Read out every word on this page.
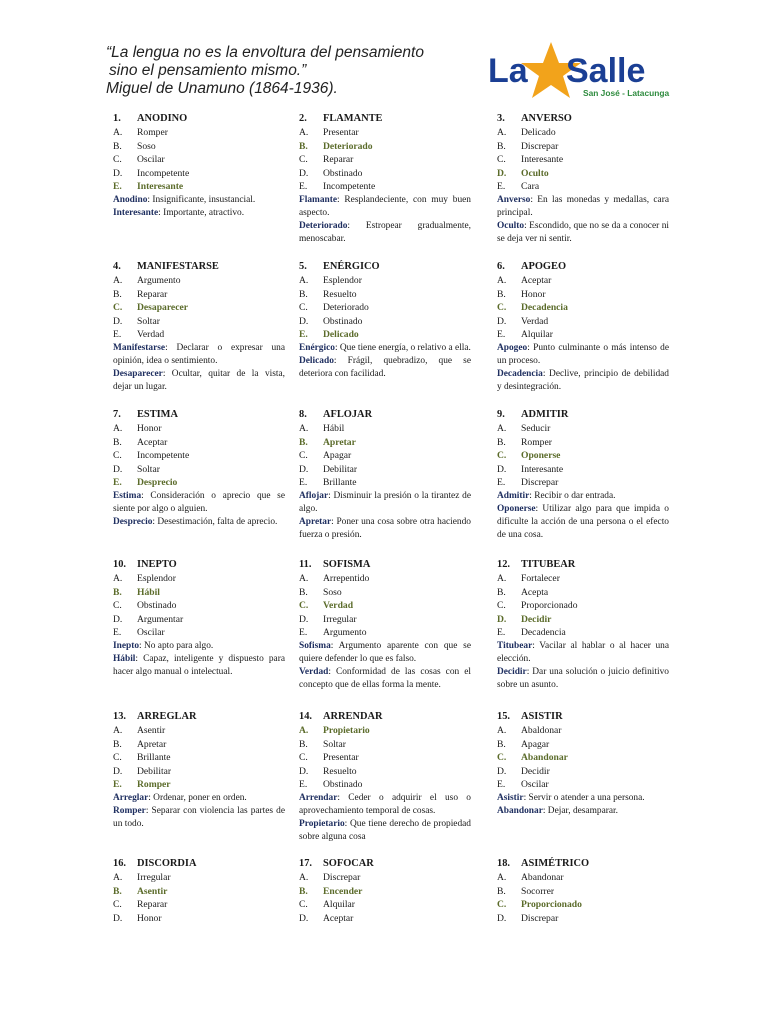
“La lengua no es la envoltura del pensamiento
sino el pensamiento mismo.”
Miguel de Unamuno (1864-1936).	La Salle
San José - Latacunga
1. ANODINO
A. Romper
B. Soso
C. Oscilar
D. Incompetente
E. Interesante

Anodino: Insignificante, insustancial.

Interesante: Importante, atractivo.

2. FLAMANTE
A. Presentar
B. Deteriorado
C. Reparar
D. Obstinado
E. Incompetente

Flamante: Resplandeciente, con muy buen aspecto.

Deteriorado: Estropear gradualmente, menoscabar.

3. ANVERSO
A. Delicado
B. Discrepar
C. Interesante
D. Oculto
E. Cara

Anverso: En las monedas y medallas, cara principal.

Oculto: Escondido, que no se da a conocer ni se deja ver ni sentir.

4. MANIFESTARSE
A. Argumento
B. Reparar
C. Desaparecer
D. Soltar
E. Verdad

Manifestarse: Declarar o expresar una opinión, idea o sentimiento.

Desaparecer: Ocultar, quitar de la vista, dejar un lugar.

5. ENÉRGICO
A. Esplendor
B. Resuelto
C. Deteriorado
D. Obstinado
E. Delicado

Enérgico: Que tiene energía, o relativo a ella.

Delicado: Frágil, quebradizo, que se deteriora con facilidad.

6. APOGEO
A. Aceptar
B. Honor
C. Decadencia
D. Verdad
E. Alquilar

Apogeo: Punto culminante o más intenso de un proceso.

Decadencia: Declive, principio de debilidad y desintegración.

7. ESTIMA
A. Honor
B. Aceptar
C. Incompetente
D. Soltar
E. Desprecio

Estima: Consideración o aprecio que se siente por algo o alguien.

Desprecio: Desestimación, falta de aprecio.

8. AFLOJAR
A. Hábil
B. Apretar
C. Apagar
D. Debilitar
E. Brillante

Aflojar: Disminuir la presión o la tirantez de algo.

Apretar: Poner una cosa sobre otra haciendo fuerza o presión.

9. ADMITIR
A. Seducir
B. Romper
C. Oponerse
D. Interesante
E. Discrepar

Admitir: Recibir o dar entrada.

Oponerse: Utilizar algo para que impida o dificulte la acción de una persona o el efecto de una cosa.

10. INEPTO
A. Esplendor
B. Hábil
C. Obstinado
D. Argumentar
E. Oscilar

Inepto: No apto para algo.

Hábil: Capaz, inteligente y dispuesto para hacer algo manual o intelectual.

11. SOFISMA
A. Arrepentido
B. Soso
C. Verdad
D. Irregular
E. Argumento

Sofisma: Argumento aparente con que se quiere defender lo que es falso.

Verdad: Conformidad de las cosas con el concepto que de ellas forma la mente.

12. TITUBEAR
A. Fortalecer
B. Acepta
C. Proporcionado
D. Decidir
E. Decadencia

Titubear: Vacilar al hablar o al hacer una elección.

Decidir: Dar una solución o juicio definitivo sobre un asunto.

13. ARREGLAR
A. Asentir
B. Apretar
C. Brillante
D. Debilitar
E. Romper

Arreglar: Ordenar, poner en orden.

Romper: Separar con violencia las partes de un todo.

14. ARRENDAR
A. Propietario
B. Soltar
C. Presentar
D. Resuelto
E. Obstinado

Arrendar: Ceder o adquirir el uso o aprovechamiento temporal de cosas.

Propietario: Que tiene derecho de propiedad sobre alguna cosa

15. ASISTIR
A. Abaldonar
B. Apagar
C. Abandonar
D. Decidir
E. Oscilar

Asistir: Servir o atender a una persona.

Abandonar: Dejar, desamparar.

16. DISCORDIA
A. Irregular
B. Asentir
C. Reparar
D. Honor
17. SOFOCAR
A. Discrepar
B. Encender
C. Alquilar
D. Aceptar
18. ASIMÉTRICO
A. Abandonar
B. Socorrer
C. Proporcionado
D. Discrepar
